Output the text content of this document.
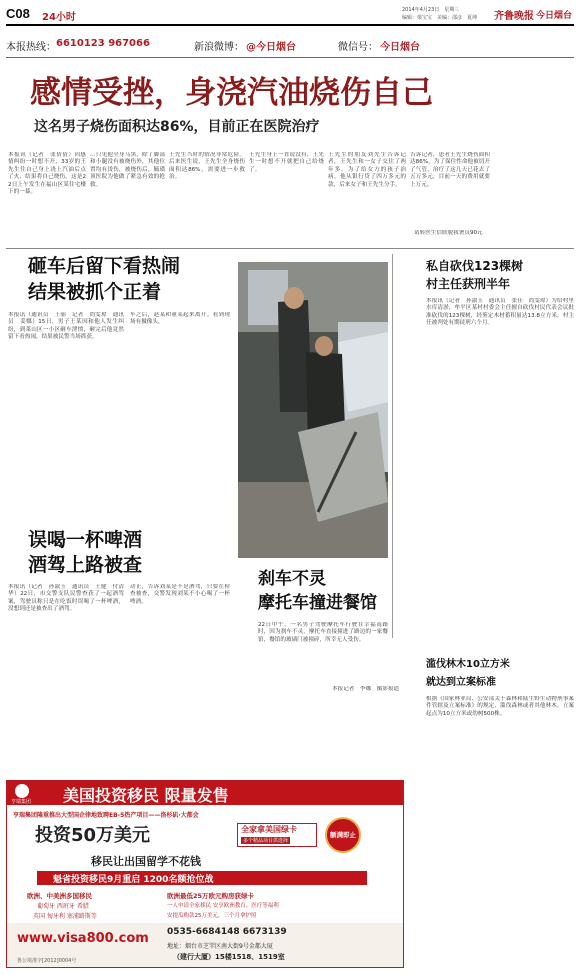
C08 24小时
2014年4月23日　星期三
编辑：梁宝宝　美编：邵彦　夏坤 齐鲁晚报 今日烟台
本报热线： 6610123 967066	新浪微博： @今日烟台	微信号： 今日烟台
感情受挫，身浇汽油烧伤自己
这名男子烧伤面积达86%，目前正在医院治疗
本报讯（记者　张倩倩）因感情纠纷一时想不开，33岁的王先生往自己身上浇上汽油后点了火，结果将自己烧伤。这是22日上午发生在福山区某住宅楼下的一幕。
…只见他全身乌黑，除了脚部和小腿没有被烧伤外，其他位置均有烫伤，被烧伤后，毓璜顶医院为他做了紧急有效的抢救。
王先生当时的情况非常危险。后来医生说，王先生全身烧伤面积达86%，需要进一步救治。
王先生身上一直说没有，王先生一时想不开就把自己给烧了。
王先生的朋友刘先生告诉记者，王先生和一女子交往了两年多，为了给女方的孩子治病，他从银行贷了四万多元的款，后来女子和王先生分手。
告诉记者，患者王先生烧伤面积达86%，为了保住性命他被切开了气管，治疗了这几天已花去了五万多元，目前一天的费用就要上万元。
请转医生信联脱我署员90元
砸车后留下看热闹
结果被抓个正着
本报讯（通讯员　王丽　记者　尚雯琼　通讯员　姜娜）15日，男子王某因和他人发生纠纷，到莱山区一小区砸车泄愤，砸完后他竟然留下看热闹，结果被民警当场抓获。
车之后，赵某和董某起来离开。看到现场有摄像头，
误喝一杯啤酒
酒驾上路被查
本报讯（记者　孙淑玉　通讯员　王健　付清华）22日，市交警支队民警查获了一起酒驾案，驾驶员称只是在吃饭时误喝了一杯啤酒，没想到还是被查出了酒驾。
动止，告诉刘某是不是酒驾，只要在检查被查，交警发现刘某不小心喝了一杯啤酒。
刹车不灵
摩托车撞进餐馆
22日中午，一名男子驾驶摩托车行驶在幸福南路时，因为刹车不灵，摩托车直接撞进了路边的一家餐馆，餐馆的玻璃门被撞碎，所幸无人受伤。
本报记者　李娜　摄影报道
私自砍伐123棵树
村主任获刑半年
本报讯（记者　孙淑玉　通讯员　张佳　尚雯琼）为给村里水库清淤，牟平区某村村委会主任擅自砍伐村民代表会议批准砍伐的123棵树，经鉴定木材蓄积量达13.8立方米，村主任被判处有期徒刑六个月。
滥伐林木10立方米
就达到立案标准
根据《国家林业局、公安部关于森林和陆生野生动物刑事案件管辖及立案标准》的规定，滥伐森林或者其他林木，立案起点为10立方米或幼树500株。
亨瑞集团 美国投资移民 限量发售
亨瑞集团隆重推出大型国企律地致聘EB-5热产项目——洛杉矶·大都会
投资50万美元	全家拿美国绿卡
多个精品项目供选择
额满即止
移民让出国留学不花钱
魁省投资移民9月重启 1200名额抢位战
欧洲、中美洲多国移民
葡萄牙 西班牙 希腊
英国 匈牙利 塞浦路斯等
欧洲最低25万欧元购房获绿卡
一人申请全家移民 安享欧洲教育、医疗等福利
安提瓜购款25万美元，三个月拿护照
www.visa800.com
鲁公境准字[2012]0004号
0535-6684148 6673139
地址：烟台市芝罘区南大街9号金都大厦
（建行大厦）15楼1518、1519室
